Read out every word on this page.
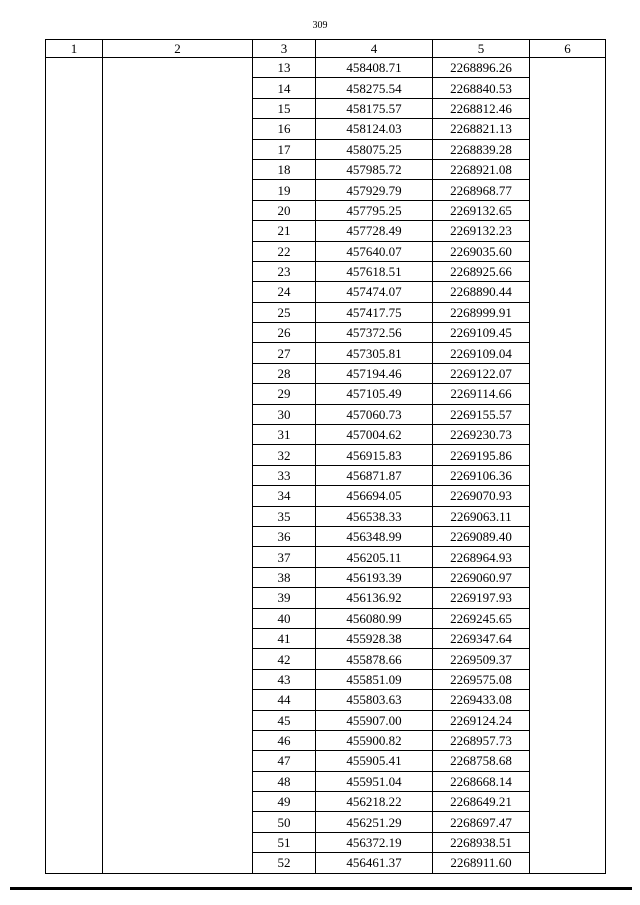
309
1	2	3	4	5	6
		13	458408.71	2268896.26	
		14	458275.54	2268840.53	
		15	458175.57	2268812.46	
		16	458124.03	2268821.13	
		17	458075.25	2268839.28	
		18	457985.72	2268921.08	
		19	457929.79	2268968.77	
		20	457795.25	2269132.65	
		21	457728.49	2269132.23	
		22	457640.07	2269035.60	
		23	457618.51	2268925.66	
		24	457474.07	2268890.44	
		25	457417.75	2268999.91	
		26	457372.56	2269109.45	
		27	457305.81	2269109.04	
		28	457194.46	2269122.07	
		29	457105.49	2269114.66	
		30	457060.73	2269155.57	
		31	457004.62	2269230.73	
		32	456915.83	2269195.86	
		33	456871.87	2269106.36	
		34	456694.05	2269070.93	
		35	456538.33	2269063.11	
		36	456348.99	2269089.40	
		37	456205.11	2268964.93	
		38	456193.39	2269060.97	
		39	456136.92	2269197.93	
		40	456080.99	2269245.65	
		41	455928.38	2269347.64	
		42	455878.66	2269509.37	
		43	455851.09	2269575.08	
		44	455803.63	2269433.08	
		45	455907.00	2269124.24	
		46	455900.82	2268957.73	
		47	455905.41	2268758.68	
		48	455951.04	2268668.14	
		49	456218.22	2268649.21	
		50	456251.29	2268697.47	
		51	456372.19	2268938.51	
		52	456461.37	2268911.60	
